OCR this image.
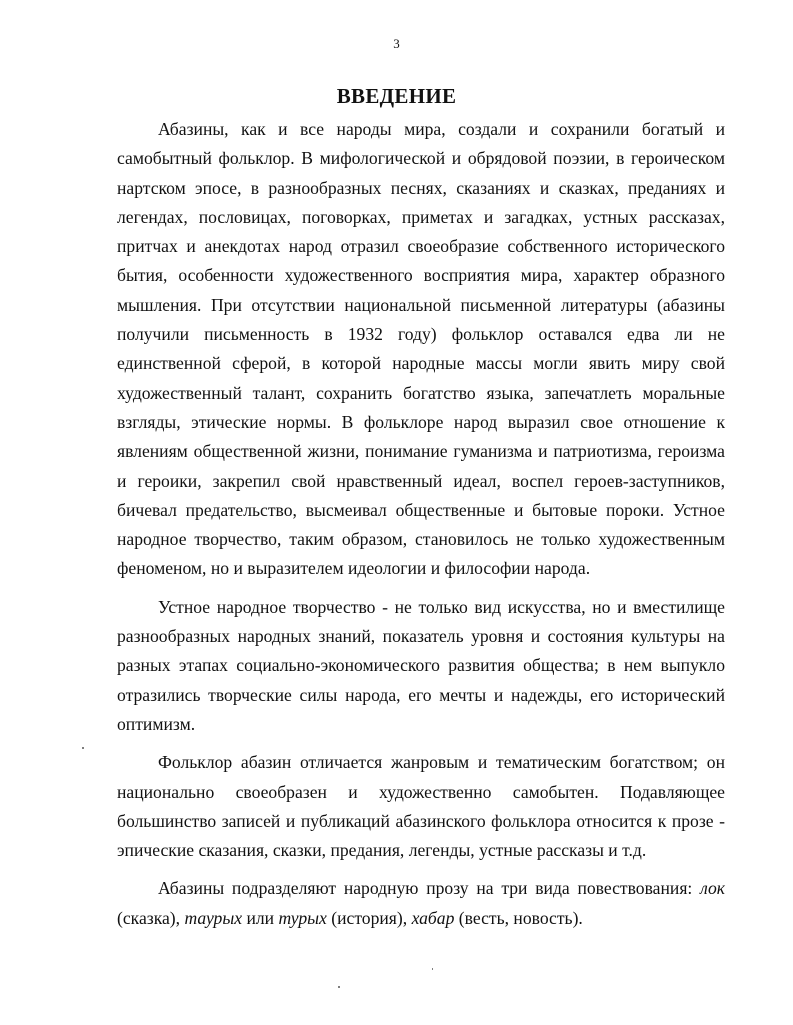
3
ВВЕДЕНИЕ

Абазины, как и все народы мира, создали и сохранили богатый и самобытный фольклор. В мифологической и обрядовой поэзии, в героическом нартском эпосе, в разнообразных песнях, сказаниях и сказках, преданиях и легендах, пословицах, поговорках, приметах и загадках, устных рассказах, притчах и анекдотах народ отразил своеобразие собственного исторического бытия, особенности художественного восприятия мира, характер образного мышления. При отсутствии национальной письменной литературы (абазины получили письменность в 1932 году) фольклор оставался едва ли не единственной сферой, в которой народные массы могли явить миру свой художественный талант, сохранить богатство языка, запечатлеть моральные взгляды, этические нормы. В фольклоре народ выразил свое отношение к явлениям общественной жизни, понимание гуманизма и патриотизма, героизма и героики, закрепил свой нравственный идеал, воспел героев-заступников, бичевал предательство, высмеивал общественные и бытовые пороки. Устное народное творчество, таким образом, становилось не только художественным феноменом, но и выразителем идеологии и философии народа.

Устное народное творчество - не только вид искусства, но и вместилище разнообразных народных знаний, показатель уровня и состояния культуры на разных этапах социально-экономического развития общества; в нем выпукло отразились творческие силы народа, его мечты и надежды, его исторический оптимизм.

Фольклор абазин отличается жанровым и тематическим богатством; он национально своеобразен и художественно самобытен. Подавляющее большинство записей и публикаций абазинского фольклора относится к прозе - эпические сказания, сказки, предания, легенды, устные рассказы и т.д.

Абазины подразделяют народную прозу на три вида повествования: лок (сказка), таурых или турых (история), хабар (весть, новость).
